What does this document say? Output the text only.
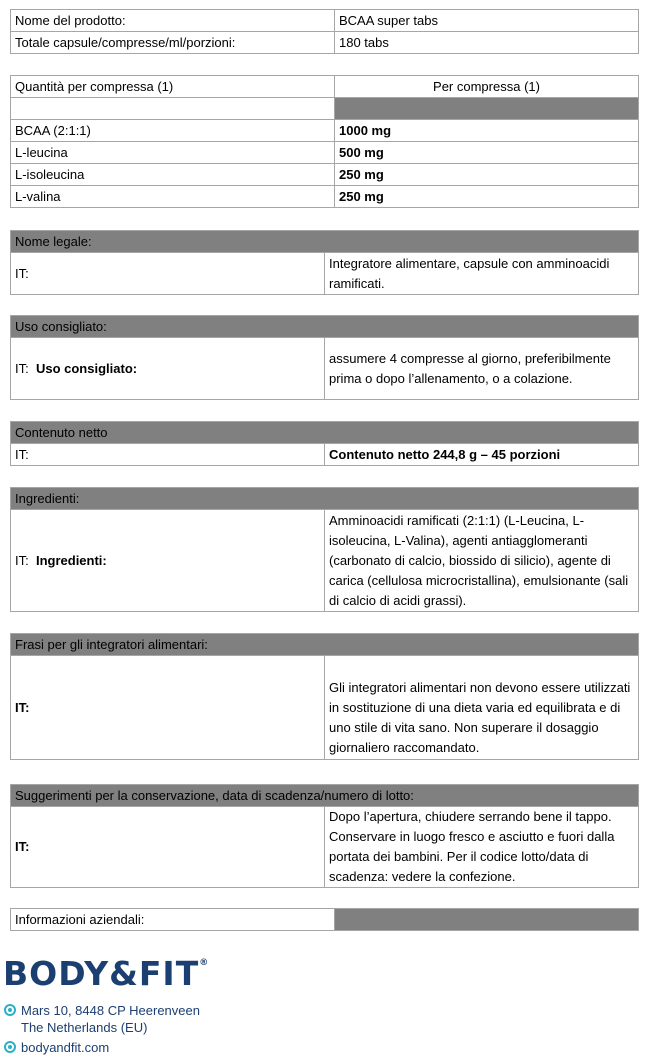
Nome del prodotto:	BCAA super tabs
Totale capsule/compresse/ml/porzioni:	180 tabs
Quantità per compressa (1)	Per compressa (1)

BCAA (2:1:1)	1000 mg
L-leucina	500 mg
L-isoleucina	250 mg
L-valina	250 mg
Nome legale:
IT:	Integratore alimentare, capsule con amminoacidi ramificati.
Uso consigliato:
IT: Uso consigliato:	assumere 4 compresse al giorno, preferibilmente prima o dopo l’allenamento, o a colazione.
Contenuto netto
IT:	Contenuto netto 244,8 g – 45 porzioni
Ingredienti:
IT: Ingredienti:	Amminoacidi ramificati (2:1:1) (L-Leucina, L-isoleucina, L-Valina), agenti antiagglomeranti (carbonato di calcio, biossido di silicio), agente di carica (cellulosa microcristallina), emulsionante (sali di calcio di acidi grassi).
Frasi per gli integratori alimentari:
IT:	Gli integratori alimentari non devono essere utilizzati in sostituzione di una dieta varia ed equilibrata e di uno stile di vita sano. Non superare il dosaggio giornaliero raccomandato.
Suggerimenti per la conservazione, data di scadenza/numero di lotto:
IT:	Dopo l’apertura, chiudere serrando bene il tappo. Conservare in luogo fresco e asciutto e fuori dalla portata dei bambini. Per il codice lotto/data di scadenza: vedere la confezione.
Informazioni aziendali:	
BODY&FIT®
Mars 10, 8448 CP Heerenveen
The Netherlands (EU)
bodyandfit.com
